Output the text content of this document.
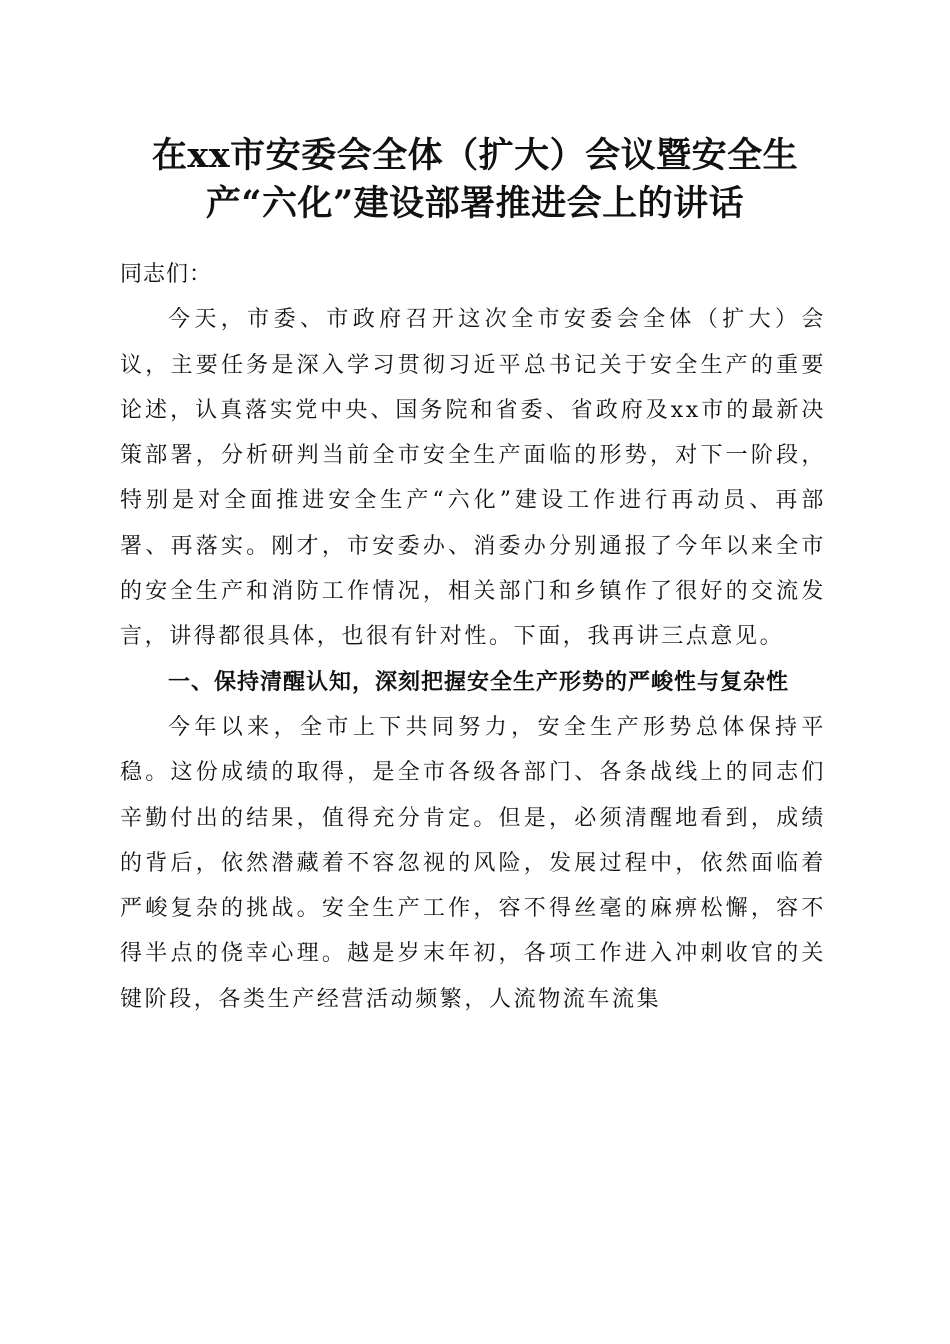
在xx市安委会全体（扩大）会议暨安全生
产“六化”建设部署推进会上的讲话

同志们：

今天，市委、市政府召开这次全市安委会全体（扩大）会议，主要任务是深入学习贯彻习近平总书记关于安全生产的重要论述，认真落实党中央、国务院和省委、省政府及xx市的最新决策部署，分析研判当前全市安全生产面临的形势，对下一阶段，特别是对全面推进安全生产“六化”建设工作进行再动员、再部署、再落实。刚才，市安委办、消委办分别通报了今年以来全市的安全生产和消防工作情况，相关部门和乡镇作了很好的交流发言，讲得都很具体，也很有针对性。下面，我再讲三点意见。

一、保持清醒认知，深刻把握安全生产形势的严峻性与复杂性

今年以来，全市上下共同努力，安全生产形势总体保持平稳。这份成绩的取得，是全市各级各部门、各条战线上的同志们辛勤付出的结果，值得充分肯定。但是，必须清醒地看到，成绩的背后，依然潜藏着不容忽视的风险，发展过程中，依然面临着严峻复杂的挑战。安全生产工作，容不得丝毫的麻痹松懈，容不得半点的侥幸心理。越是岁末年初，各项工作进入冲刺收官的关键阶段，各类生产经营活动频繁，人流物流车流集
